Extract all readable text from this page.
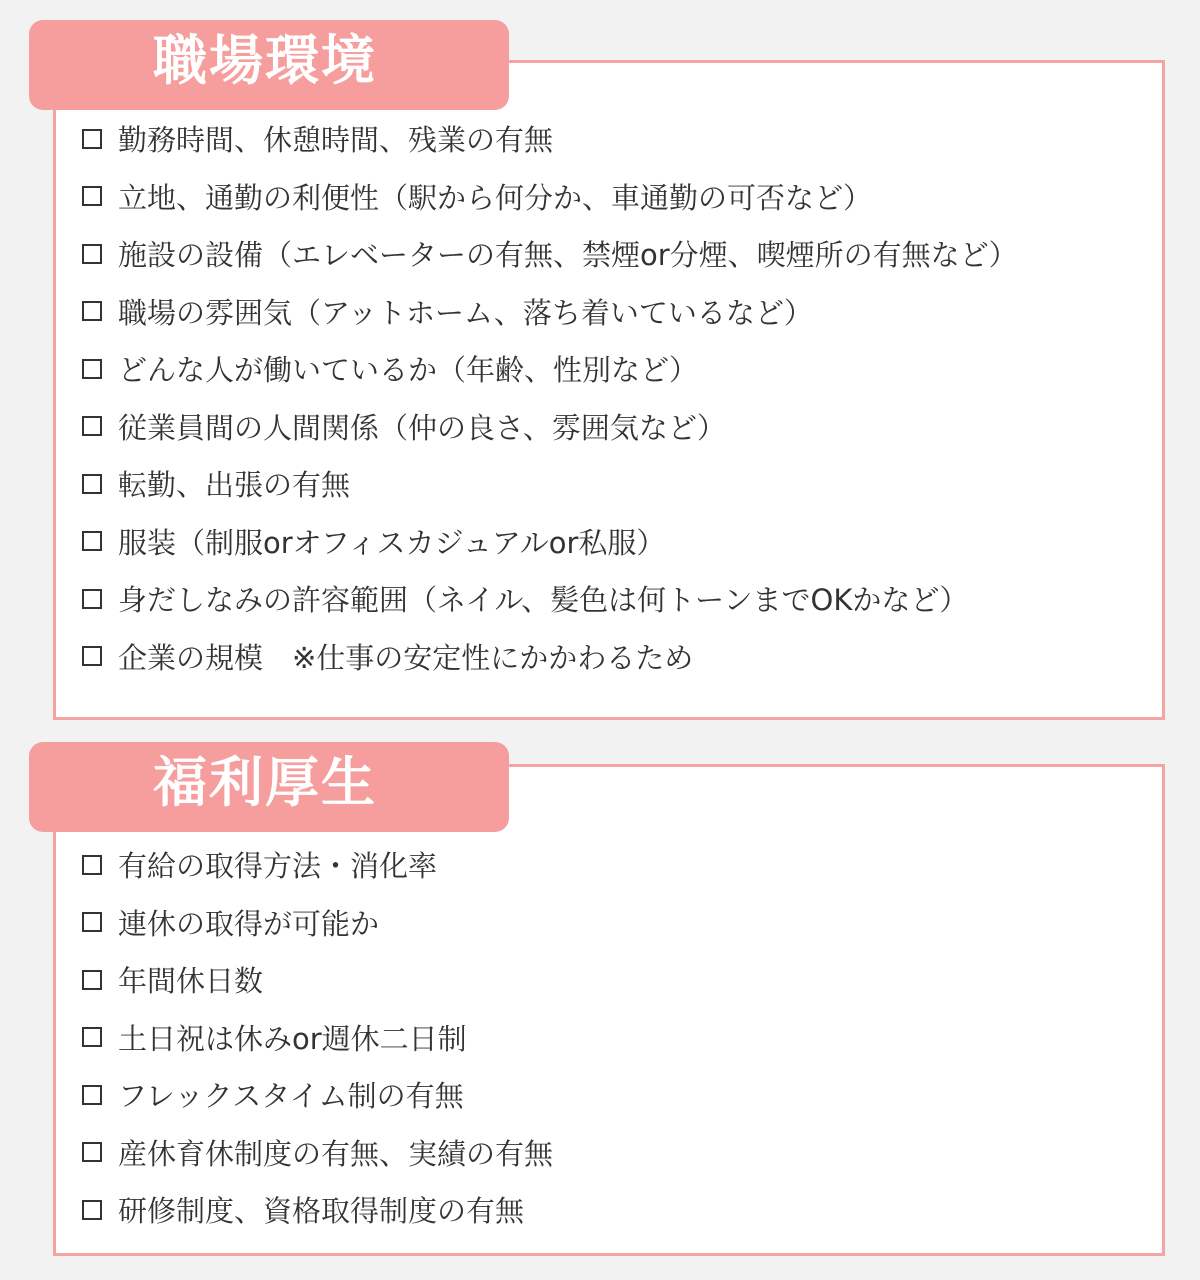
職場環境
勤務時間、休憩時間、残業の有無
立地、通勤の利便性（駅から何分か、車通勤の可否など）
施設の設備（エレベーターの有無、禁煙or分煙、喫煙所の有無など）
職場の雰囲気（アットホーム、落ち着いているなど）
どんな人が働いているか（年齢、性別など）
従業員間の人間関係（仲の良さ、雰囲気など）
転勤、出張の有無
服装（制服orオフィスカジュアルor私服）
身だしなみの許容範囲（ネイル、髪色は何トーンまでOKかなど）
企業の規模　※仕事の安定性にかかわるため
福利厚生
有給の取得方法・消化率
連休の取得が可能か
年間休日数
土日祝は休みor週休二日制
フレックスタイム制の有無
産休育休制度の有無、実績の有無
研修制度、資格取得制度の有無
